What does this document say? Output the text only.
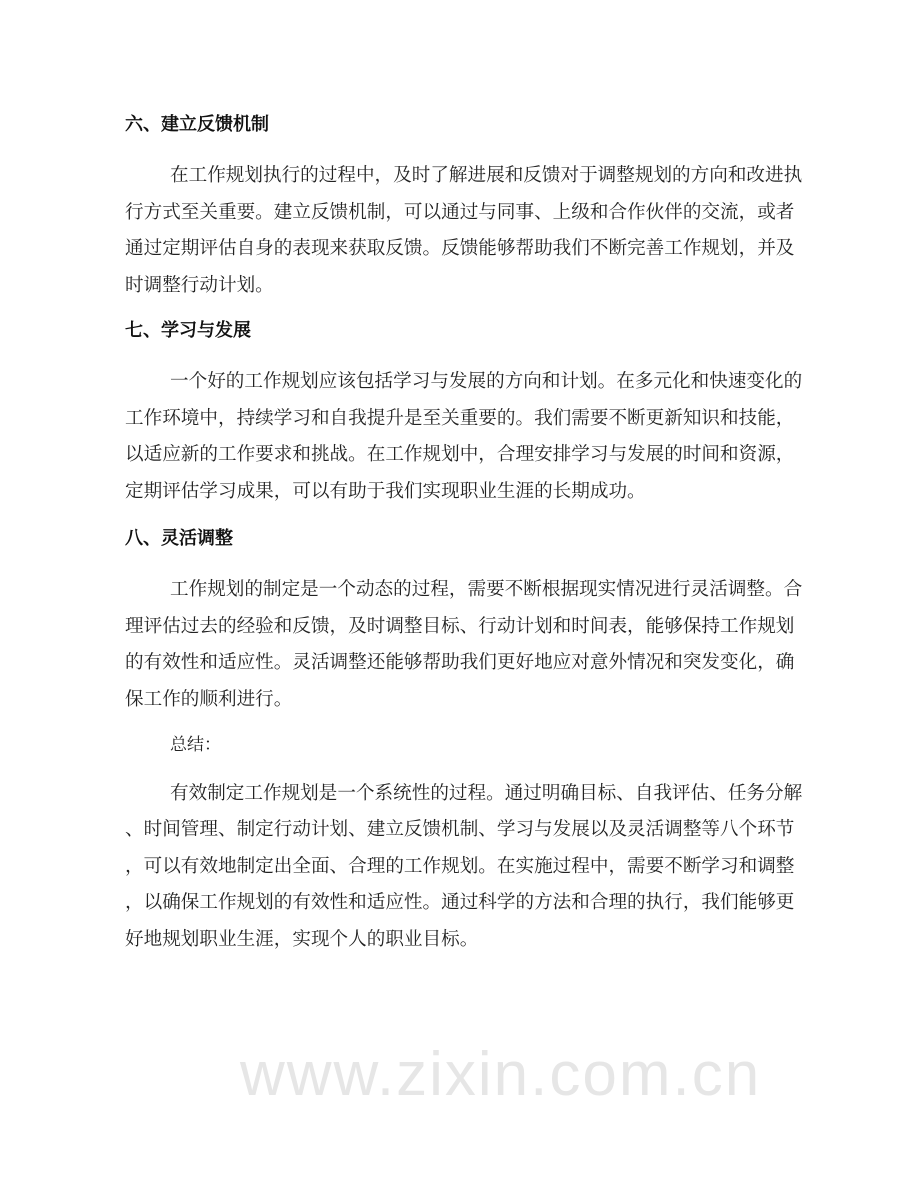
www.zixin.com.cn
六、建立反馈机制
在工作规划执行的过程中，及时了解进展和反馈对于调整规划的方向和改进执
行方式至关重要。建立反馈机制，可以通过与同事、上级和合作伙伴的交流，或者
通过定期评估自身的表现来获取反馈。反馈能够帮助我们不断完善工作规划，并及
时调整行动计划。
七、学习与发展
一个好的工作规划应该包括学习与发展的方向和计划。在多元化和快速变化的
工作环境中，持续学习和自我提升是至关重要的。我们需要不断更新知识和技能，
以适应新的工作要求和挑战。在工作规划中，合理安排学习与发展的时间和资源，
定期评估学习成果，可以有助于我们实现职业生涯的长期成功。
八、灵活调整
工作规划的制定是一个动态的过程，需要不断根据现实情况进行灵活调整。合
理评估过去的经验和反馈，及时调整目标、行动计划和时间表，能够保持工作规划
的有效性和适应性。灵活调整还能够帮助我们更好地应对意外情况和突发变化，确
保工作的顺利进行。
总结：
有效制定工作规划是一个系统性的过程。通过明确目标、自我评估、任务分解
、时间管理、制定行动计划、建立反馈机制、学习与发展以及灵活调整等八个环节
，可以有效地制定出全面、合理的工作规划。在实施过程中，需要不断学习和调整
，以确保工作规划的有效性和适应性。通过科学的方法和合理的执行，我们能够更
好地规划职业生涯，实现个人的职业目标。
